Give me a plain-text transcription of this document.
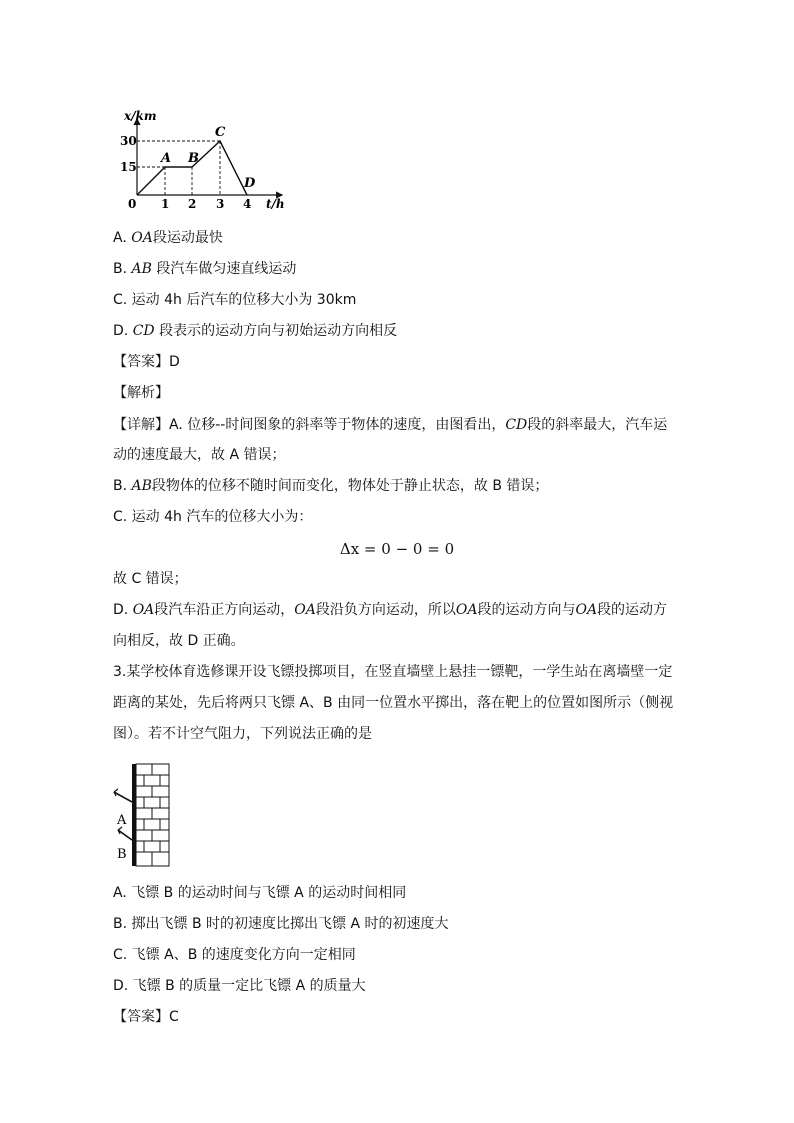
x/km
t/h
0
30
15
1 2 3 4
A B
C
D
A. OA段运动最快
B. AB 段汽车做匀速直线运动
C. 运动 4h 后汽车的位移大小为 30km
D. CD 段表示的运动方向与初始运动方向相反
【答案】D
【解析】
【详解】A. 位移--时间图象的斜率等于物体的速度，由图看出，CD段的斜率最大，汽车运
动的速度最大，故 A 错误；
B. AB段物体的位移不随时间而变化，物体处于静止状态，故 B 错误；
C. 运动 4h 汽车的位移大小为：
Δx = 0 − 0 = 0
故 C 错误；
D. OA段汽车沿正方向运动，OA段沿负方向运动，所以OA段的运动方向与OA段的运动方
向相反，故 D 正确。
3.某学校体育选修课开设飞镖投掷项目，在竖直墙壁上悬挂一镖靶，一学生站在离墙壁一定
距离的某处，先后将两只飞镖 A、B 由同一位置水平掷出，落在靶上的位置如图所示（侧视
图）。若不计空气阻力，下列说法正确的是
A
B
A. 飞镖 B 的运动时间与飞镖 A 的运动时间相同
B. 掷出飞镖 B 时的初速度比掷出飞镖 A 时的初速度大
C. 飞镖 A、B 的速度变化方向一定相同
D. 飞镖 B 的质量一定比飞镖 A 的质量大
【答案】C
